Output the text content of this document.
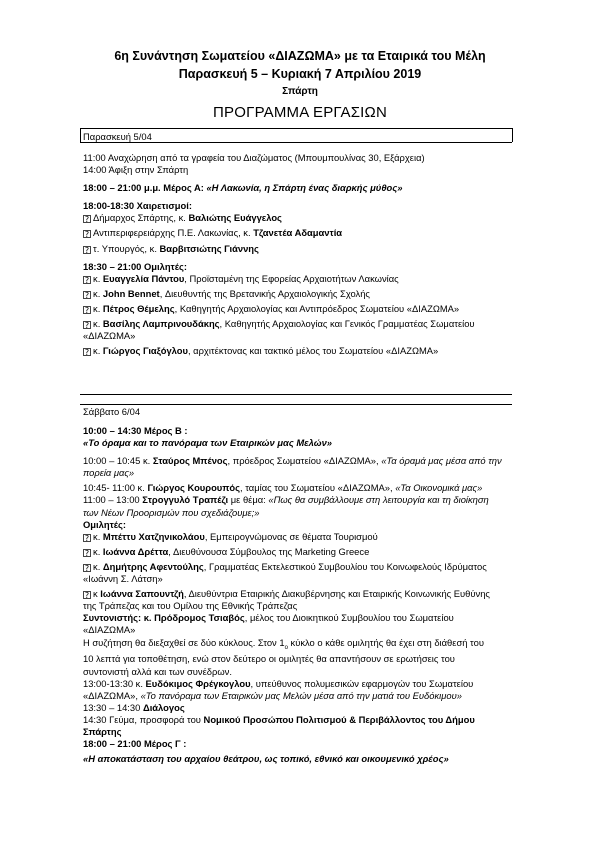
6η Συνάντηση Σωματείου «ΔΙΑΖΩΜΑ» με τα Εταιρικά του Μέλη
Παρασκευή 5 – Κυριακή 7 Απριλίου 2019
Σπάρτη
ΠΡΟΓΡΑΜΜΑ ΕΡΓΑΣΙΩΝ

Παρασκευή 5/04

11:00 Αναχώρηση από τα γραφεία του Διαζώματος (Μπουμπουλίνας 30, Εξάρχεια)

14:00 Άφιξη στην Σπάρτη

18:00 – 21:00 μ.μ. Μέρος Α: «Η Λακωνία, η Σπάρτη ένας διαρκής μύθος»

18:00-18:30 Χαιρετισμοί:

? Δήμαρχος Σπάρτης, κ. Βαλιώτης Ευάγγελος

? Αντιπεριφερειάρχης Π.Ε. Λακωνίας, κ. Τζανετέα Αδαμαντία

? τ. Υπουργός, κ. Βαρβιτσιώτης Γιάννης

18:30 – 21:00 Ομιλητές:

? κ. Ευαγγελία Πάντου, Προϊσταμένη της Εφορείας Αρχαιοτήτων Λακωνίας

? κ. John Bennet, Διευθυντής της Βρετανικής Αρχαιολογικής Σχολής

? κ. Πέτρος Θέμελης, Καθηγητής Αρχαιολογίας και Αντιπρόεδρος Σωματείου «ΔΙΑΖΩΜΑ»

? κ. Βασίλης Λαμπρινουδάκης, Καθηγητής Αρχαιολογίας και Γενικός Γραμματέας Σωματείου

«ΔΙΑΖΩΜΑ»

? κ. Γιώργος Γιαξόγλου, αρχιτέκτονας και τακτικό μέλος του Σωματείου «ΔΙΑΖΩΜΑ»

Σάββατο 6/04

10:00 – 14:30 Μέρος Β :

«Το όραμα και το πανόραμα των Εταιρικών μας Μελών»

10:00 – 10:45 κ. Σταύρος Μπένος, πρόεδρος Σωματείου «ΔΙΑΖΩΜΑ», «Τα όραμά μας μέσα από την

πορεία μας»

10:45- 11:00 κ. Γιώργος Κουρουπός, ταμίας του Σωματείου «ΔΙΑΖΩΜΑ», «Τα Οικονομικά μας»

11:00 – 13:00 Στρογγυλό Τραπέζι με θέμα: «Πως θα συμβάλλουμε στη λειτουργία και τη διοίκηση

των Νέων Προορισμών που σχεδιάζουμε;»

Ομιλητές:

? κ. Μπέττυ Χατζηνικολάου, Εμπειρογνώμονας σε θέματα Τουρισμού

? κ. Ιωάννα Δρέττα, Διευθύνουσα Σύμβουλος της Marketing Greece

? κ. Δημήτρης Αφεντούλης, Γραμματέας Εκτελεστικού Συμβουλίου του Κοινωφελούς Ιδρύματος

«Ιωάννη Σ. Λάτση»

? κ Ιωάννα Σαπουντζή, Διευθύντρια Εταιρικής Διακυβέρνησης και Εταιρικής Κοινωνικής Ευθύνης

της Τράπεζας και του Ομίλου της Εθνικής Τράπεζας

Συντονιστής: κ. Πρόδρομος Τσιαβός, μέλος του Διοικητικού Συμβουλίου του Σωματείου

«ΔΙΑΖΩΜΑ»

Η συζήτηση θα διεξαχθεί σε δύο κύκλους. Στον $1_o$ κύκλο ο κάθε ομιλητής θα έχει στη διάθεσή του

10 λεπτά για τοποθέτηση, ενώ στον δεύτερο οι ομιλητές θα απαντήσουν σε ερωτήσεις του

συντονιστή αλλά και των συνέδρων.

13:00-13:30 κ. Ευδόκιμος Φρέγκογλου, υπεύθυνος πολυμεσικών εφαρμογών του Σωματείου

«ΔΙΑΖΩΜΑ», «Το πανόραμα των Εταιρικών μας Μελών μέσα από την ματιά του Ευδόκιμου»

13:30 – 14:30 Διάλογος

14:30 Γεύμα, προσφορά του Νομικού Προσώπου Πολιτισμού & Περιβάλλοντος του Δήμου

Σπάρτης

18:00 – 21:00 Μέρος Γ :

«Η αποκατάσταση του αρχαίου θεάτρου, ως τοπικό, εθνικό και οικουμενικό χρέος»
